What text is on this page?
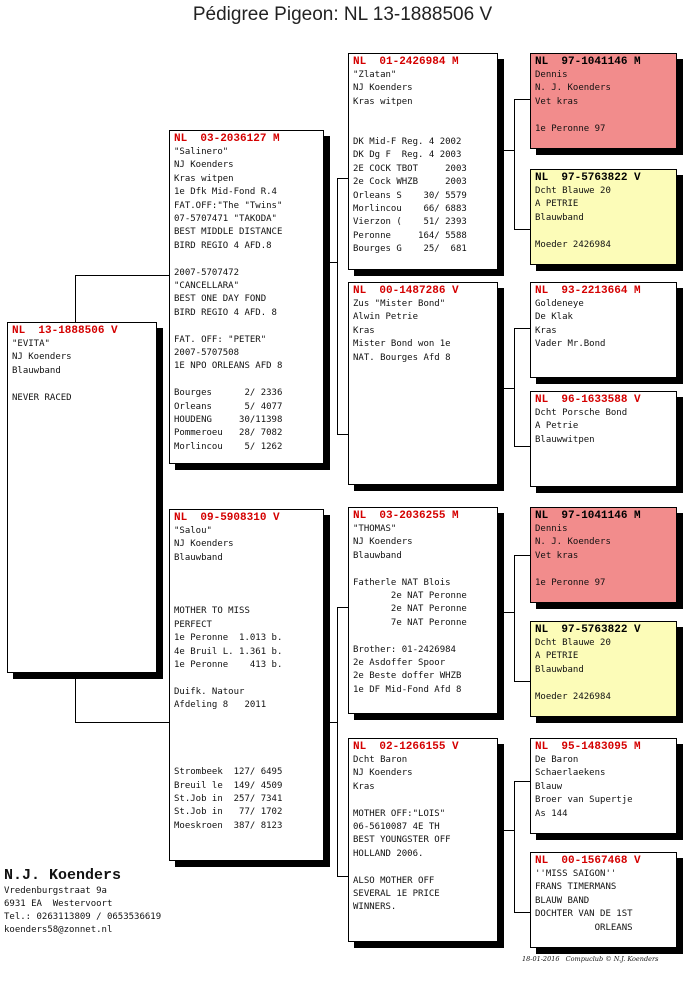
Pédigree Pigeon: NL 13-1888506 V
NL  13-1888506 V
"EVITA"
NJ Koenders
Blauwband
NEVER RACED
NL  03-2036127 M
"Salinero"
NJ Koenders
Kras witpen
1e Dfk Mid-Fond R.4
FAT.OFF:"The "Twins"
07-5707471 "TAKODA"
BEST MIDDLE DISTANCE
BIRD REGIO 4 AFD.8
2007-5707472
"CANCELLARA"
BEST ONE DAY FOND
BIRD REGIO 4 AFD. 8
FAT. OFF: "PETER"
2007-5707508
1E NPO ORLEANS AFD 8
Bourges      2/ 2336
Orleans      5/ 4077
HOUDENG     30/11398
Pommeroeu   28/ 7082
Morlincou    5/ 1262
NL  09-5908310 V
"Salou"
NJ Koenders
Blauwband
MOTHER TO MISS
PERFECT
1e Peronne  1.013 b.
4e Bruil L. 1.361 b.
1e Peronne    413 b.
Duifk. Natour
Afdeling 8   2011
Strombeek  127/ 6495
Breuil le  149/ 4509
St.Job in  257/ 7341
St.Job in   77/ 1702
Moeskroen  387/ 8123
NL  01-2426984 M
"Zlatan"
NJ Koenders
Kras witpen
DK Mid-F Reg. 4 2002
DK Dg F  Reg. 4 2003
2E COCK TBOT     2003
2e Cock WHZB     2003
Orleans S    30/ 5579
Morlincou    66/ 6883
Vierzon (    51/ 2393
Peronne     164/ 5588
Bourges G    25/  681
NL  00-1487286 V
Zus "Mister Bond"
Alwin Petrie
Kras
Mister Bond won 1e
NAT. Bourges Afd 8
NL  03-2036255 M
"THOMAS"
NJ Koenders
Blauwband
Fatherle NAT Blois
2e NAT Peronne
2e NAT Peronne
7e NAT Peronne
Brother: 01-2426984
2e Asdoffer Spoor
2e Beste doffer WHZB
1e DF Mid-Fond Afd 8
NL  02-1266155 V
Dcht Baron
NJ Koenders
Kras
MOTHER OFF:"LOIS"
06-5610087 4E TH
BEST YOUNGSTER OFF
HOLLAND 2006.
ALSO MOTHER OFF
SEVERAL 1E PRICE
WINNERS.
NL  97-1041146 M
Dennis
N. J. Koenders
Vet kras
1e Peronne 97
NL  97-5763822 V
Dcht Blauwe 20
A PETRIE
Blauwband
Moeder 2426984
NL  93-2213664 M
Goldeneye
De Klak
Kras
Vader Mr.Bond
NL  96-1633588 V
Dcht Porsche Bond
A Petrie
Blauwwitpen
NL  97-1041146 M
Dennis
N. J. Koenders
Vet kras
1e Peronne 97
NL  97-5763822 V
Dcht Blauwe 20
A PETRIE
Blauwband
Moeder 2426984
NL  95-1483095 M
De Baron
Schaerlaekens
Blauw
Broer van Supertje
As 144
NL  00-1567468 V
''MISS SAIGON''
FRANS TIMERMANS
BLAUW BAND
DOCHTER VAN DE 1ST
ORLEANS
N.J. Koenders
Vredenburgstraat 9a
6931 EA  Westervoort
Tel.: 0263113809 / 0653536619
koenders58@zonnet.nl
18-01-2016   Compuclub © N.J. Koenders
